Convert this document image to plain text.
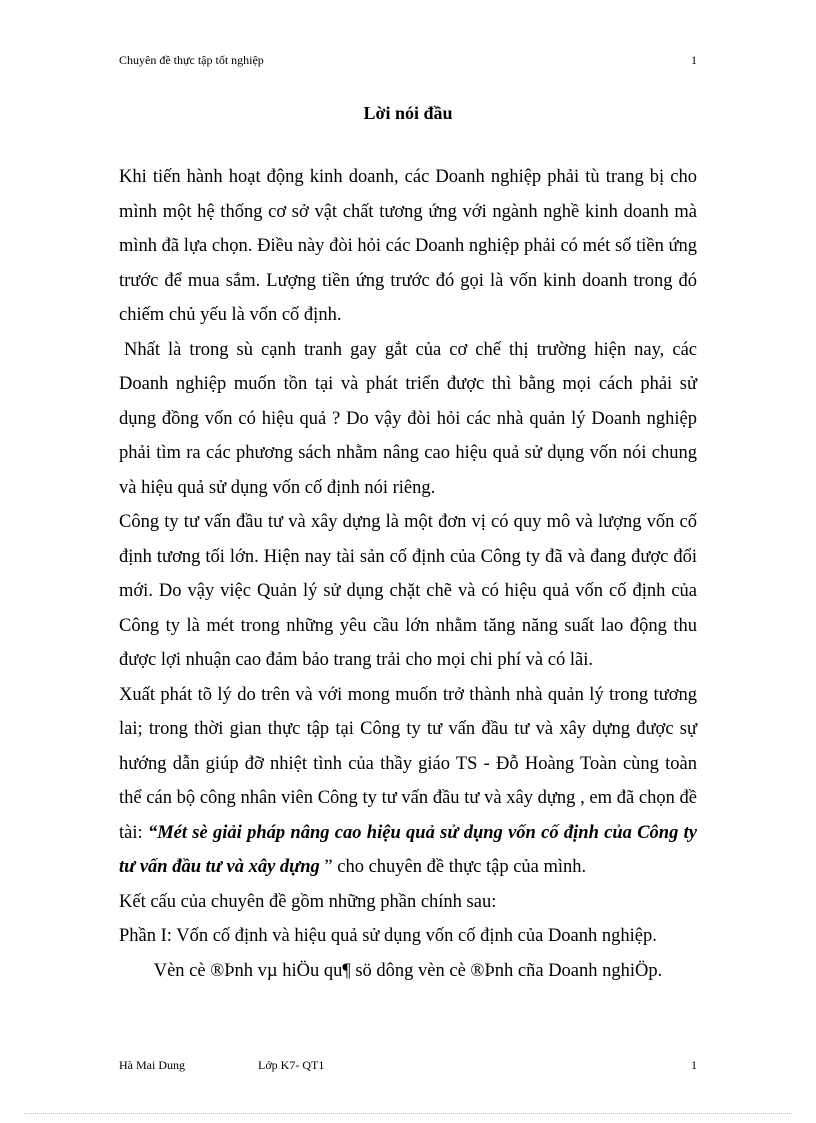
Chuyên đề thực tập tốt nghiệp	1
Lời nói đầu

Khi tiến hành hoạt động kinh doanh, các Doanh nghiệp phải tù trang bị cho mình một hệ thống cơ sở vật chất tương ứng với ngành nghề kinh doanh mà mình đã lựa chọn. Điều này đòi hỏi các Doanh nghiệp phải có mét số tiền ứng trước để mua sắm. Lượng tiền ứng trước đó gọi là vốn kinh doanh trong đó chiếm chủ yếu là vốn cố định.

Nhất là trong sù cạnh tranh gay gắt của cơ chế thị trường hiện nay, các Doanh nghiệp muốn tồn tại và phát triển được thì bằng mọi cách phải sử dụng đồng vốn có hiệu quả ? Do vậy đòi hỏi các nhà quản lý Doanh nghiệp phải tìm ra các phương sách nhằm nâng cao hiệu quả sử dụng vốn nói chung và hiệu quả sử dụng vốn cố định nói riêng.

Công ty tư vấn đầu tư và xây dựng là một đơn vị có quy mô và lượng vốn cố định tương tối lớn. Hiện nay tài sản cố định của Công ty đã và đang được đổi mới. Do vậy việc Quản lý sử dụng chặt chẽ và có hiệu quả vốn cố định của Công ty là mét trong những yêu cầu lớn nhằm tăng năng suất lao động thu được lợi nhuận cao đảm bảo trang trải cho mọi chi phí và có lãi.

Xuất phát tõ lý do trên và với mong muốn trở thành nhà quản lý trong tương lai; trong thời gian thực tập tại Công ty tư vấn đầu tư và xây dựng được sự hướng dẫn giúp đỡ nhiệt tình của thầy giáo TS - Đỗ Hoàng Toàn cùng toàn thể cán bộ công nhân viên Công ty tư vấn đầu tư và xây dựng , em đã chọn đề tài: “Mét sè giải pháp nâng cao hiệu quả sử dụng vốn cố định của Công ty tư vấn đầu tư và xây dựng ” cho chuyên đề thực tập của mình.

Kết cấu của chuyên đề gồm những phần chính sau:

Phần I: Vốn cố định và hiệu quả sử dụng vốn cố định của Doanh nghiệp.

Vèn cè ®Þnh vµ hiÖu qu¶ sö dông vèn cè ®Þnh cña Doanh nghiÖp.

Hà Mai Dung	Lớp K7- QT1	1
